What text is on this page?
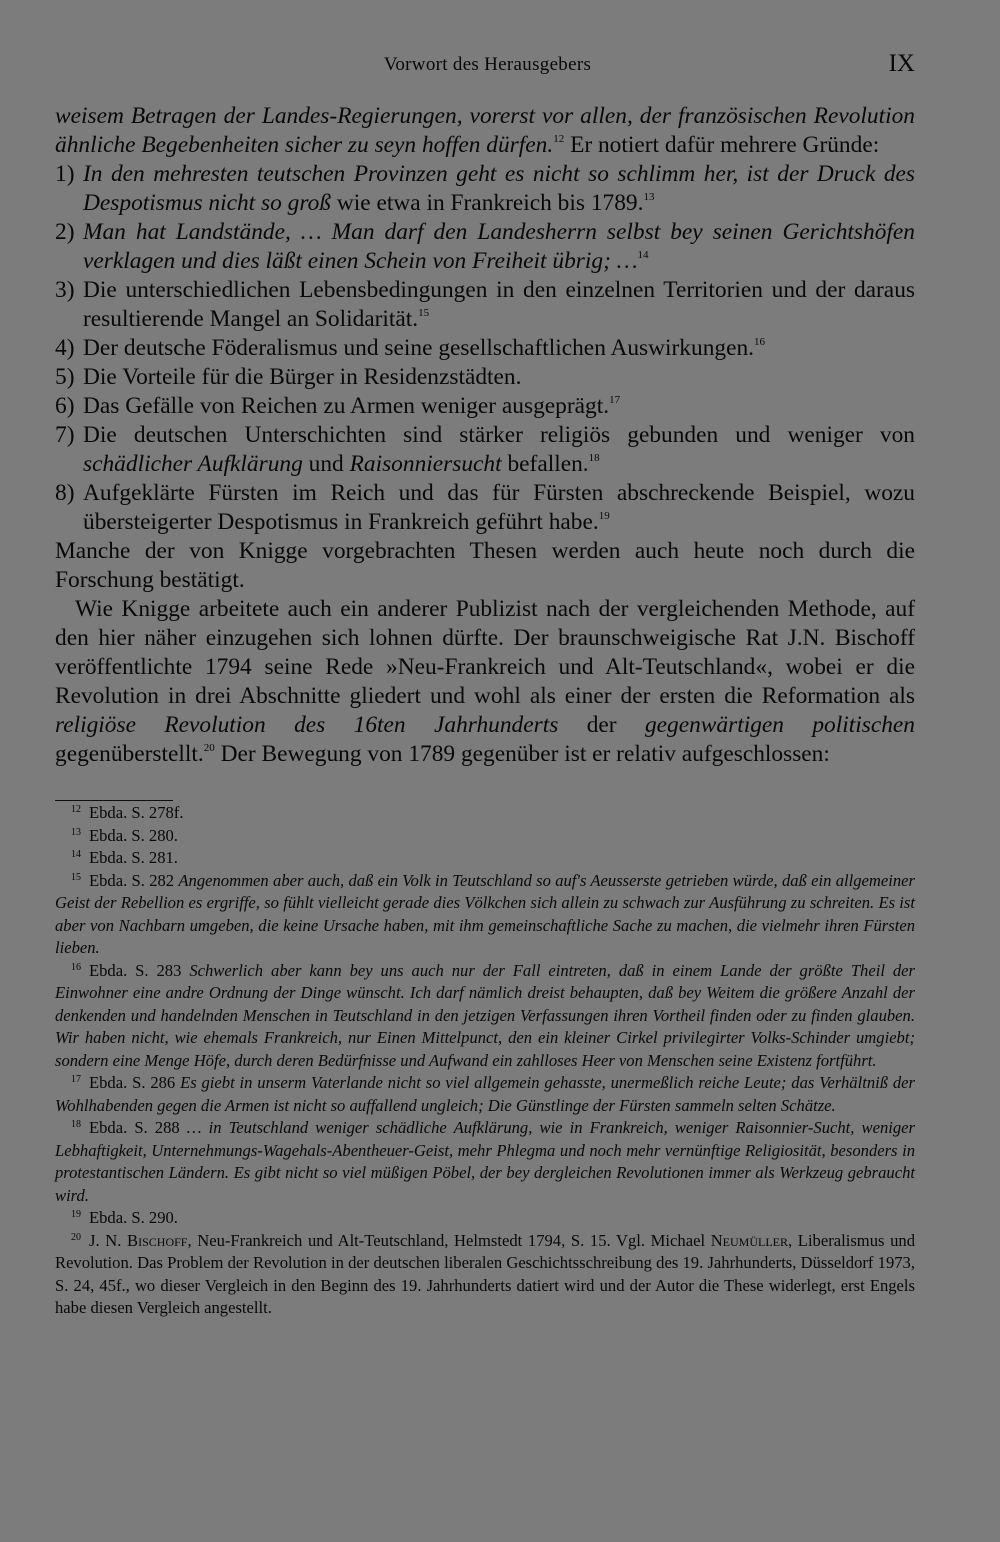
Vorwort des Herausgebers	IX

weisem Betragen der Landes-Regierungen, vorerst vor allen, der französischen Revolution ähnliche Begebenheiten sicher zu seyn hoffen dürfen.$^{12}$ Er notiert dafür mehrere Gründe:

1) In den mehresten teutschen Provinzen geht es nicht so schlimm her, ist der Druck des Despotismus nicht so groß wie etwa in Frankreich bis 1789.13
2) Man hat Landstände, … Man darf den Landesherrn selbst bey seinen Gerichtshöfen verklagen und dies läßt einen Schein von Freiheit übrig; …$^{14}$
3) Die unterschiedlichen Lebensbedingungen in den einzelnen Territorien und der daraus resultierende Mangel an Solidarität.$^{15}$
4) Der deutsche Föderalismus und seine gesellschaftlichen Auswirkungen.$^{16}$
5) Die Vorteile für die Bürger in Residenzstädten.
6) Das Gefälle von Reichen zu Armen weniger ausgeprägt.$^{17}$
7) Die deutschen Unterschichten sind stärker religiös gebunden und weniger von schädlicher Aufklärung und Raisonniersucht befallen.$^{18}$
8) Aufgeklärte Fürsten im Reich und das für Fürsten abschreckende Beispiel, wozu übersteigerter Despotismus in Frankreich geführt habe.$^{19}$

Manche der von Knigge vorgebrachten Thesen werden auch heute noch durch die Forschung bestätigt.

Wie Knigge arbeitete auch ein anderer Publizist nach der vergleichenden Methode, auf den hier näher einzugehen sich lohnen dürfte. Der braunschweigische Rat J.N. Bischoff veröffentlichte 1794 seine Rede »Neu-Frankreich und Alt-Teutschland«, wobei er die Revolution in drei Abschnitte gliedert und wohl als einer der ersten die Reformation als religiöse Revolution des 16ten Jahrhunderts der gegenwärtigen politischen gegenüberstellt.$^{20}$ Der Bewegung von 1789 gegenüber ist er relativ aufgeschlossen:

12 Ebda. S. 278f.
13 Ebda. S. 280.
14 Ebda. S. 281.
15 Ebda. S. 282 Angenommen aber auch, daß ein Volk in Teutschland so auf's Aeusserste getrieben würde, daß ein allgemeiner Geist der Rebellion es ergriffe, so fühlt vielleicht gerade dies Völkchen sich allein zu schwach zur Ausführung zu schreiten. Es ist aber von Nachbarn umgeben, die keine Ursache haben, mit ihm gemeinschaftliche Sache zu machen, die vielmehr ihren Fürsten lieben.
16 Ebda. S. 283 Schwerlich aber kann bey uns auch nur der Fall eintreten, daß in einem Lande der größte Theil der Einwohner eine andre Ordnung der Dinge wünscht. Ich darf nämlich dreist behaupten, daß bey Weitem die größere Anzahl der denkenden und handelnden Menschen in Teutschland in den jetzigen Verfassungen ihren Vortheil finden oder zu finden glauben. Wir haben nicht, wie ehemals Frankreich, nur Einen Mittelpunct, den ein kleiner Cirkel privilegirter Volks-Schinder umgiebt; sondern eine Menge Höfe, durch deren Bedürfnisse und Aufwand ein zahlloses Heer von Menschen seine Existenz fortführt.
17 Ebda. S. 286 Es giebt in unserm Vaterlande nicht so viel allgemein gehasste, unermeßlich reiche Leute; das Verhältniß der Wohlhabenden gegen die Armen ist nicht so auffallend ungleich; Die Günstlinge der Fürsten sammeln selten Schätze.
18 Ebda. S. 288 … in Teutschland weniger schädliche Aufklärung, wie in Frankreich, weniger Raisonnier-Sucht, weniger Lebhaftigkeit, Unternehmungs-Wagehals-Abentheuer-Geist, mehr Phlegma und noch mehr vernünftige Religiosität, besonders in protestantischen Ländern. Es gibt nicht so viel müßigen Pöbel, der bey dergleichen Revolutionen immer als Werkzeug gebraucht wird.
19 Ebda. S. 290.
20 J. N. Bischoff, Neu-Frankreich und Alt-Teutschland, Helmstedt 1794, S. 15. Vgl. Michael Neumüller, Liberalismus und Revolution. Das Problem der Revolution in der deutschen liberalen Geschichtsschreibung des 19. Jahrhunderts, Düsseldorf 1973, S. 24, 45f., wo dieser Vergleich in den Beginn des 19. Jahrhunderts datiert wird und der Autor die These widerlegt, erst Engels habe diesen Vergleich angestellt.
